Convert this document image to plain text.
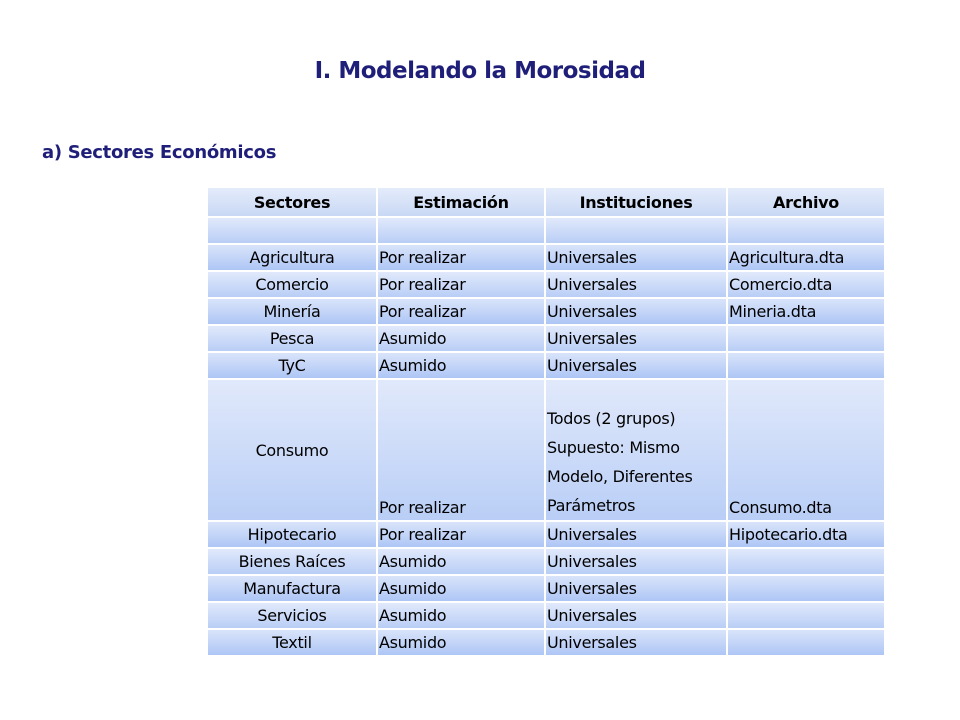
I. Modelando la Morosidad
a) Sectores Económicos
Sectores	Estimación	Instituciones	Archivo

Agricultura	Por realizar	Universales	Agricultura.dta
Comercio	Por realizar	Universales	Comercio.dta
Minería	Por realizar	Universales	Mineria.dta
Pesca	Asumido	Universales	
TyC	Asumido	Universales	
Consumo	Por realizar	Todos (2 grupos) Supuesto: Mismo Modelo, Diferentes Parámetros	Consumo.dta
Hipotecario	Por realizar	Universales	Hipotecario.dta
Bienes Raíces	Asumido	Universales	
Manufactura	Asumido	Universales	
Servicios	Asumido	Universales	
Textil	Asumido	Universales	
